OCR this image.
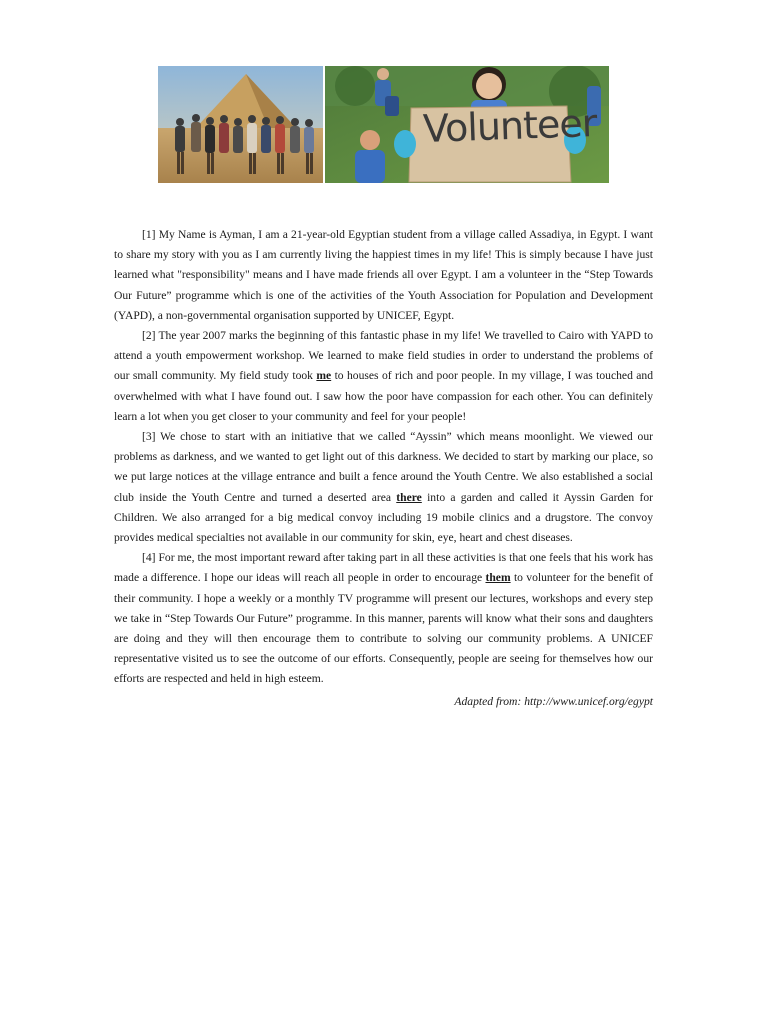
Volunteer

[1] My Name is Ayman, I am a 21-year-old Egyptian student from a village called Assadiya, in Egypt. I want to share my story with you as I am currently living the happiest times in my life! This is simply because I have just learned what "responsibility" means and I have made friends all over Egypt. I am a volunteer in the “Step Towards Our Future” programme which is one of the activities of the Youth Association for Population and Development (YAPD), a non-governmental organisation supported by UNICEF, Egypt.

[2] The year 2007 marks the beginning of this fantastic phase in my life! We travelled to Cairo with YAPD to attend a youth empowerment workshop. We learned to make field studies in order to understand the problems of our small community. My field study took me to houses of rich and poor people. In my village, I was touched and overwhelmed with what I have found out. I saw how the poor have compassion for each other. You can definitely learn a lot when you get closer to your community and feel for your people!

[3] We chose to start with an initiative that we called “Ayssin” which means moonlight. We viewed our problems as darkness, and we wanted to get light out of this darkness. We decided to start by marking our place, so we put large notices at the village entrance and built a fence around the Youth Centre. We also established a social club inside the Youth Centre and turned a deserted area there into a garden and called it Ayssin Garden for Children. We also arranged for a big medical convoy including 19 mobile clinics and a drugstore. The convoy provides medical specialties not available in our community for skin, eye, heart and chest diseases.

[4] For me, the most important reward after taking part in all these activities is that one feels that his work has made a difference. I hope our ideas will reach all people in order to encourage them to volunteer for the benefit of their community. I hope a weekly or a monthly TV programme will present our lectures, workshops and every step we take in “Step Towards Our Future” programme. In this manner, parents will know what their sons and daughters are doing and they will then encourage them to contribute to solving our community problems. A UNICEF representative visited us to see the outcome of our efforts. Consequently, people are seeing for themselves how our efforts are respected and held in high esteem.

Adapted from: http://www.unicef.org/egypt
